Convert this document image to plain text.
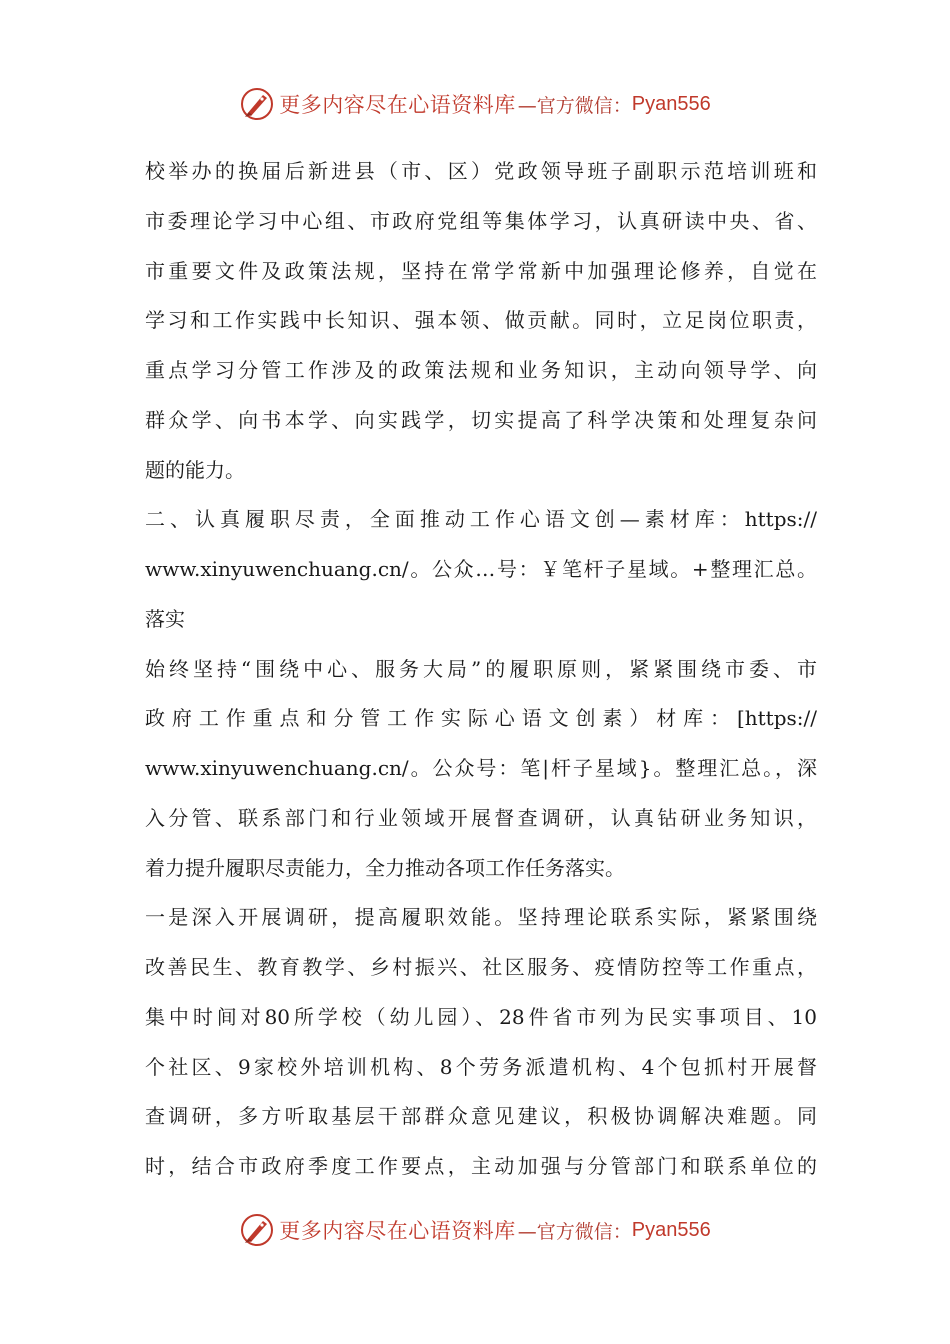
更多内容尽在心语资料库 —官方微信： Pyan556
校举办的换届后新进县（市、区）党政领导班子副职示范培训班和
市委理论学习中心组、市政府党组等集体学习，认真研读中央、省、
市重要文件及政策法规，坚持在常学常新中加强理论修养，自觉在
学习和工作实践中长知识、强本领、做贡献。同时，立足岗位职责，
重点学习分管工作涉及的政策法规和业务知识，主动向领导学、向
群众学、向书本学、向实践学，切实提高了科学决策和处理复杂问
题的能力。
二、认真履职尽责，全面推动工作心语文创—素材库：https://
www.xinyuwenchuang.cn/。公众…号：￥笔杆子星域。+整理汇总。
落实
始终坚持“围绕中心、服务大局”的履职原则，紧紧围绕市委、市
政府工作重点和分管工作实际心语文创素）材库：[https://
www.xinyuwenchuang.cn/。公众号：笔|杆子星域}。整理汇总。，深
入分管、联系部门和行业领域开展督查调研，认真钻研业务知识，
着力提升履职尽责能力，全力推动各项工作任务落实。
一是深入开展调研，提高履职效能。坚持理论联系实际，紧紧围绕
改善民生、教育教学、乡村振兴、社区服务、疫情防控等工作重点，
集中时间对80所学校（幼儿园）、28件省市列为民实事项目、10
个社区、9家校外培训机构、8个劳务派遣机构、4个包抓村开展督
查调研，多方听取基层干部群众意见建议，积极协调解决难题。同
时，结合市政府季度工作要点，主动加强与分管部门和联系单位的
更多内容尽在心语资料库 —官方微信： Pyan556
